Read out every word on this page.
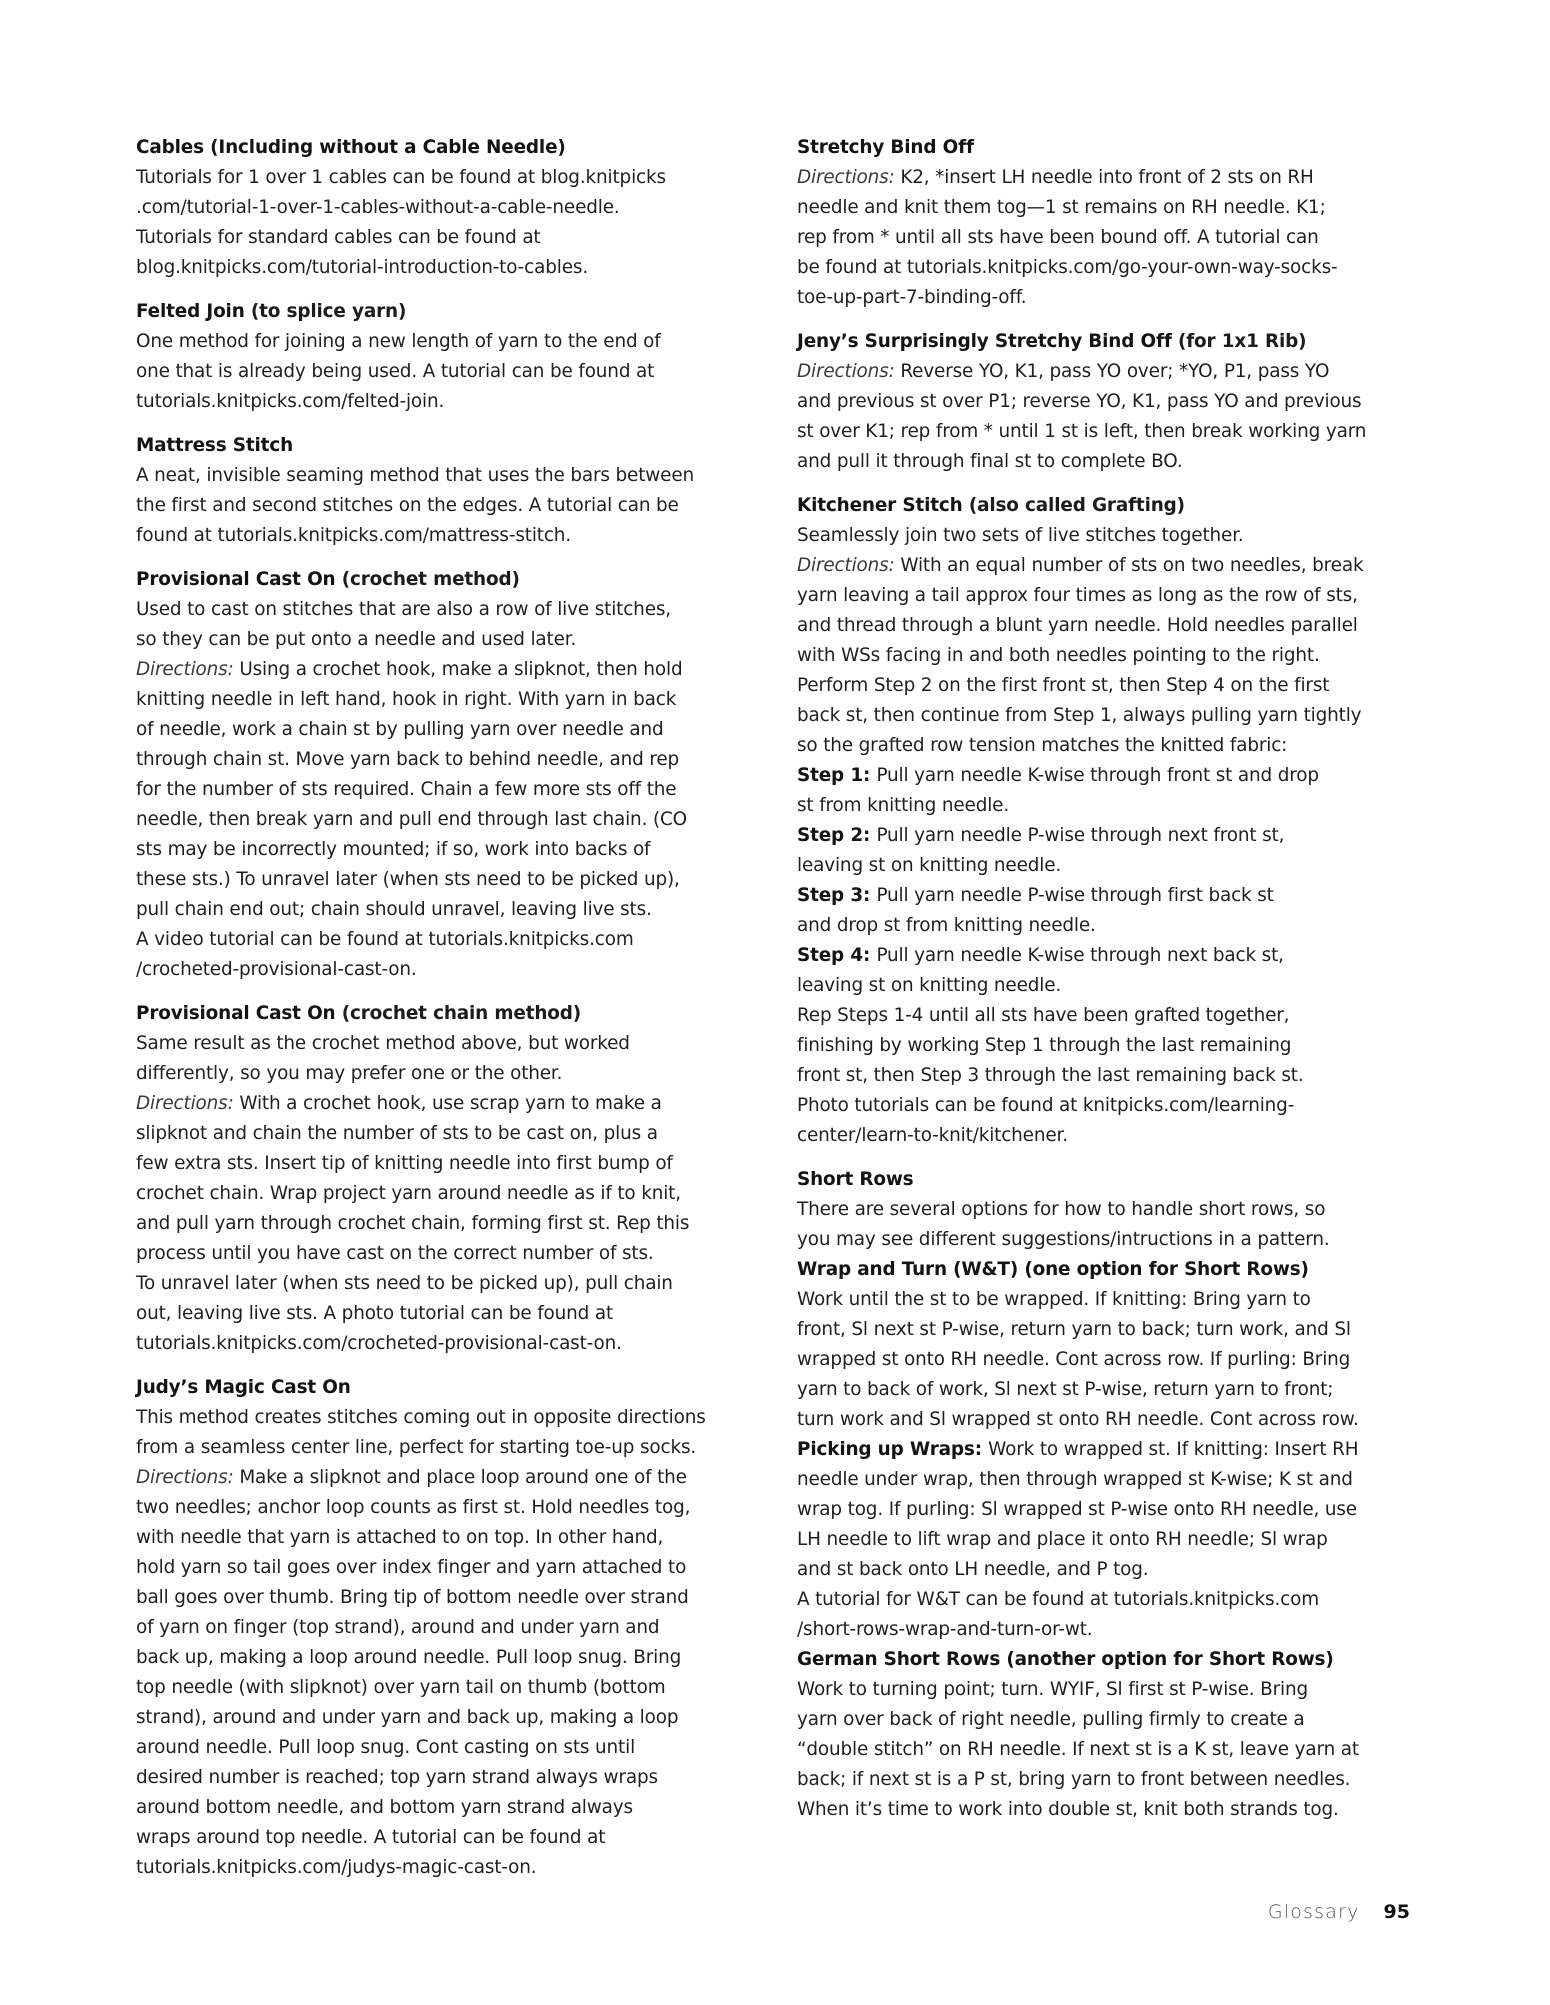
Cables (Including without a Cable Needle)
Tutorials for 1 over 1 cables can be found at blog.knitpicks
.com/tutorial-1-over-1-cables-without-a-cable-needle.
Tutorials for standard cables can be found at
blog.knitpicks.com/tutorial-introduction-to-cables.
Felted Join (to splice yarn)
One method for joining a new length of yarn to the end of
one that is already being used. A tutorial can be found at
tutorials.knitpicks.com/felted-join.
Mattress Stitch
A neat, invisible seaming method that uses the bars between
the first and second stitches on the edges. A tutorial can be
found at tutorials.knitpicks.com/mattress-stitch.
Provisional Cast On (crochet method)
Used to cast on stitches that are also a row of live stitches,
so they can be put onto a needle and used later.
Directions: Using a crochet hook, make a slipknot, then hold
knitting needle in left hand, hook in right. With yarn in back
of needle, work a chain st by pulling yarn over needle and
through chain st. Move yarn back to behind needle, and rep
for the number of sts required. Chain a few more sts off the
needle, then break yarn and pull end through last chain. (CO
sts may be incorrectly mounted; if so, work into backs of
these sts.) To unravel later (when sts need to be picked up),
pull chain end out; chain should unravel, leaving live sts.
A video tutorial can be found at tutorials.knitpicks.com
/crocheted-provisional-cast-on.
Provisional Cast On (crochet chain method)
Same result as the crochet method above, but worked
differently, so you may prefer one or the other.
Directions: With a crochet hook, use scrap yarn to make a
slipknot and chain the number of sts to be cast on, plus a
few extra sts. Insert tip of knitting needle into first bump of
crochet chain. Wrap project yarn around needle as if to knit,
and pull yarn through crochet chain, forming first st. Rep this
process until you have cast on the correct number of sts.
To unravel later (when sts need to be picked up), pull chain
out, leaving live sts. A photo tutorial can be found at
tutorials.knitpicks.com/crocheted-provisional-cast-on.
Judy’s Magic Cast On
This method creates stitches coming out in opposite directions
from a seamless center line, perfect for starting toe-up socks.
Directions: Make a slipknot and place loop around one of the
two needles; anchor loop counts as first st. Hold needles tog,
with needle that yarn is attached to on top. In other hand,
hold yarn so tail goes over index finger and yarn attached to
ball goes over thumb. Bring tip of bottom needle over strand
of yarn on finger (top strand), around and under yarn and
back up, making a loop around needle. Pull loop snug. Bring
top needle (with slipknot) over yarn tail on thumb (bottom
strand), around and under yarn and back up, making a loop
around needle. Pull loop snug. Cont casting on sts until
desired number is reached; top yarn strand always wraps
around bottom needle, and bottom yarn strand always
wraps around top needle. A tutorial can be found at
tutorials.knitpicks.com/judys-magic-cast-on.
Stretchy Bind Off
Directions: K2, *insert LH needle into front of 2 sts on RH
needle and knit them tog—1 st remains on RH needle. K1;
rep from * until all sts have been bound off. A tutorial can
be found at tutorials.knitpicks.com/go-your-own-way-socks-
toe-up-part-7-binding-off.
Jeny’s Surprisingly Stretchy Bind Off (for 1x1 Rib)
Directions: Reverse YO, K1, pass YO over; *YO, P1, pass YO
and previous st over P1; reverse YO, K1, pass YO and previous
st over K1; rep from * until 1 st is left, then break working yarn
and pull it through final st to complete BO.
Kitchener Stitch (also called Grafting)
Seamlessly join two sets of live stitches together.
Directions: With an equal number of sts on two needles, break
yarn leaving a tail approx four times as long as the row of sts,
and thread through a blunt yarn needle. Hold needles parallel
with WSs facing in and both needles pointing to the right.
Perform Step 2 on the first front st, then Step 4 on the first
back st, then continue from Step 1, always pulling yarn tightly
so the grafted row tension matches the knitted fabric:
Step 1: Pull yarn needle K-wise through front st and drop
st from knitting needle.
Step 2: Pull yarn needle P-wise through next front st,
leaving st on knitting needle.
Step 3: Pull yarn needle P-wise through first back st
and drop st from knitting needle.
Step 4: Pull yarn needle K-wise through next back st,
leaving st on knitting needle.
Rep Steps 1-4 until all sts have been grafted together,
finishing by working Step 1 through the last remaining
front st, then Step 3 through the last remaining back st.
Photo tutorials can be found at knitpicks.com/learning-
center/learn-to-knit/kitchener.
Short Rows
There are several options for how to handle short rows, so
you may see different suggestions/intructions in a pattern.
Wrap and Turn (W&T) (one option for Short Rows)
Work until the st to be wrapped. If knitting: Bring yarn to
front, Sl next st P-wise, return yarn to back; turn work, and Sl
wrapped st onto RH needle. Cont across row. If purling: Bring
yarn to back of work, Sl next st P-wise, return yarn to front;
turn work and Sl wrapped st onto RH needle. Cont across row.
Picking up Wraps: Work to wrapped st. If knitting: Insert RH
needle under wrap, then through wrapped st K-wise; K st and
wrap tog. If purling: Sl wrapped st P-wise onto RH needle, use
LH needle to lift wrap and place it onto RH needle; Sl wrap
and st back onto LH needle, and P tog.
A tutorial for W&T can be found at tutorials.knitpicks.com
/short-rows-wrap-and-turn-or-wt.
German Short Rows (another option for Short Rows)
Work to turning point; turn. WYIF, Sl first st P-wise. Bring
yarn over back of right needle, pulling firmly to create a
“double stitch” on RH needle. If next st is a K st, leave yarn at
back; if next st is a P st, bring yarn to front between needles.
When it’s time to work into double st, knit both strands tog.
Glossary 95
